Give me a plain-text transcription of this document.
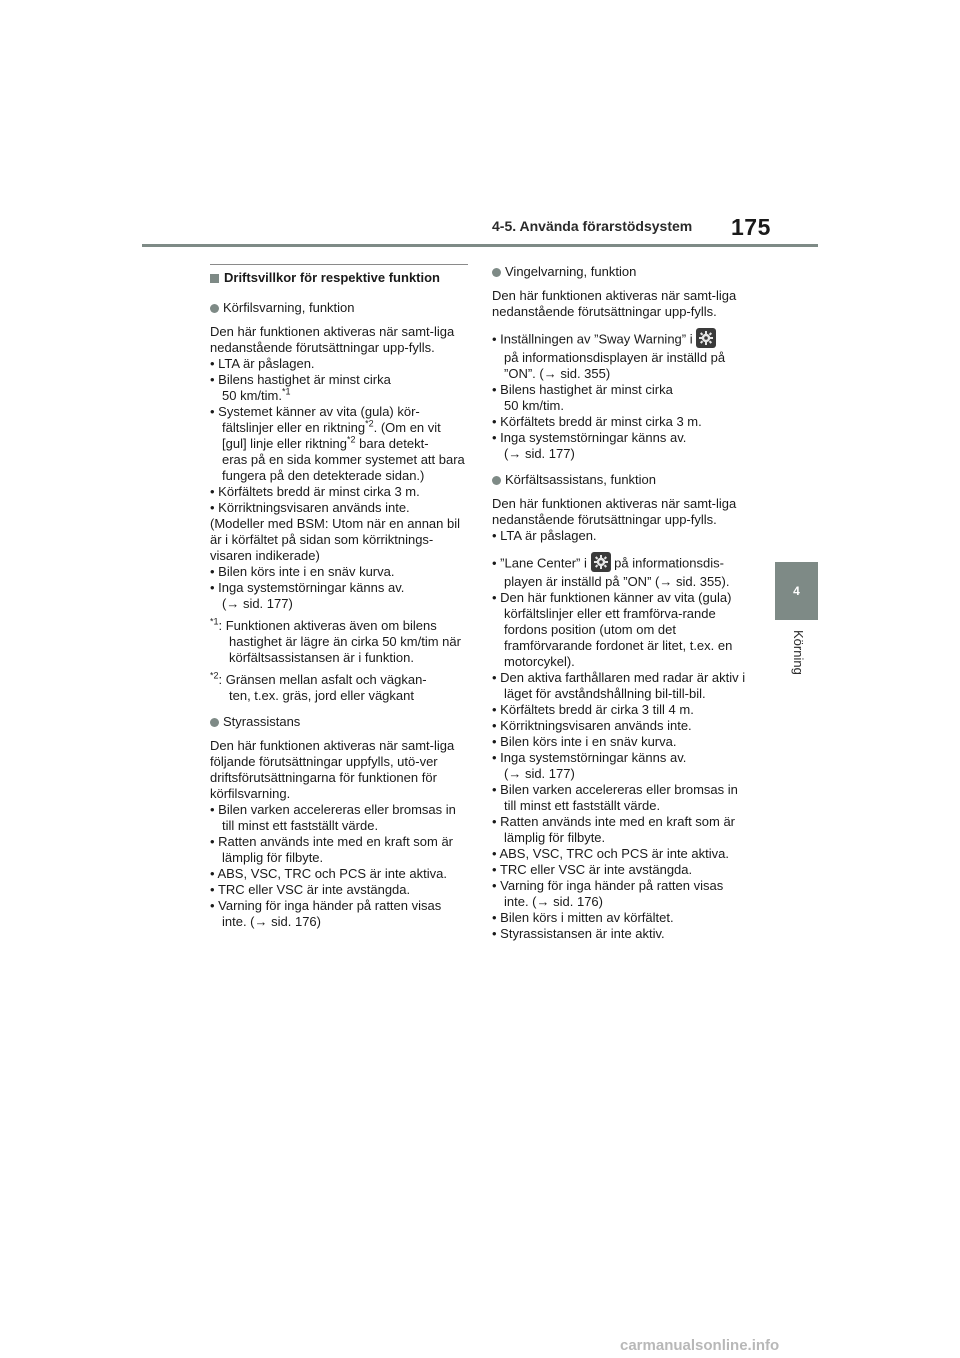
4-5. Använda förarstödsystem 175
4
Körning
Driftsvillkor för respektive funktion
Körfilsvarning, funktion

Den här funktionen aktiveras när samt-liga nedanstående förutsättningar upp-fylls.

• LTA är påslagen.

• Bilens hastighet är minst cirka

50 km/tim.$^{*1}$

• Systemet känner av vita (gula) kör-

fältslinjer eller en riktning$^{*2}$. (Om en vit

[gul] linje eller riktning$^{*2}$ bara detekt-

eras på en sida kommer systemet att bara fungera på den detekterade sidan.)

• Körfältets bredd är minst cirka 3 m.

• Körriktningsvisaren används inte.

(Modeller med BSM: Utom när en annan bil är i körfältet på sidan som körriktnings-visaren indikerade)

• Bilen körs inte i en snäv kurva.

• Inga systemstörningar känns av.

(→ sid. 177)

$^{*1}$: Funktionen aktiveras även om bilens

hastighet är lägre än cirka 50 km/tim när körfältsassistansen är i funktion.

$^{*2}$: Gränsen mellan asfalt och vägkan-

ten, t.ex. gräs, jord eller vägkant

Styrassistans

Den här funktionen aktiveras när samt-liga följande förutsättningar uppfylls, utö-ver driftsförutsättningarna för funktionen för körfilsvarning.

• Bilen varken accelereras eller bromsas in till minst ett fastställt värde.

• Ratten används inte med en kraft som är lämplig för filbyte.

• ABS, VSC, TRC och PCS är inte aktiva.

• TRC eller VSC är inte avstängda.

• Varning för inga händer på ratten visas inte. (→ sid. 176)

Vingelvarning, funktion

Den här funktionen aktiveras när samt-liga nedanstående förutsättningar upp-fylls.

• Inställningen av ”Sway Warning” i

på informationsdisplayen är inställd på ”ON”. (→ sid. 355)

• Bilens hastighet är minst cirka

50 km/tim.

• Körfältets bredd är minst cirka 3 m.

• Inga systemstörningar känns av.

(→ sid. 177)

Körfältsassistans, funktion

Den här funktionen aktiveras när samt-liga nedanstående förutsättningar upp-fylls.

• LTA är påslagen.

• ”Lane Center” i på informationsdis-

playen är inställd på ”ON” (→ sid. 355).

• Den här funktionen känner av vita (gula) körfältslinjer eller ett framförva-rande fordons position (utom om det framförvarande fordonet är litet, t.ex. en motorcykel).

• Den aktiva farthållaren med radar är aktiv i läget för avståndshållning bil-till-bil.

• Körfältets bredd är cirka 3 till 4 m.

• Körriktningsvisaren används inte.

• Bilen körs inte i en snäv kurva.

• Inga systemstörningar känns av.

(→ sid. 177)

• Bilen varken accelereras eller bromsas in till minst ett fastställt värde.

• Ratten används inte med en kraft som är lämplig för filbyte.

• ABS, VSC, TRC och PCS är inte aktiva.

• TRC eller VSC är inte avstängda.

• Varning för inga händer på ratten visas inte. (→ sid. 176)

• Bilen körs i mitten av körfältet.

• Styrassistansen är inte aktiv.

carmanualsonline.info
